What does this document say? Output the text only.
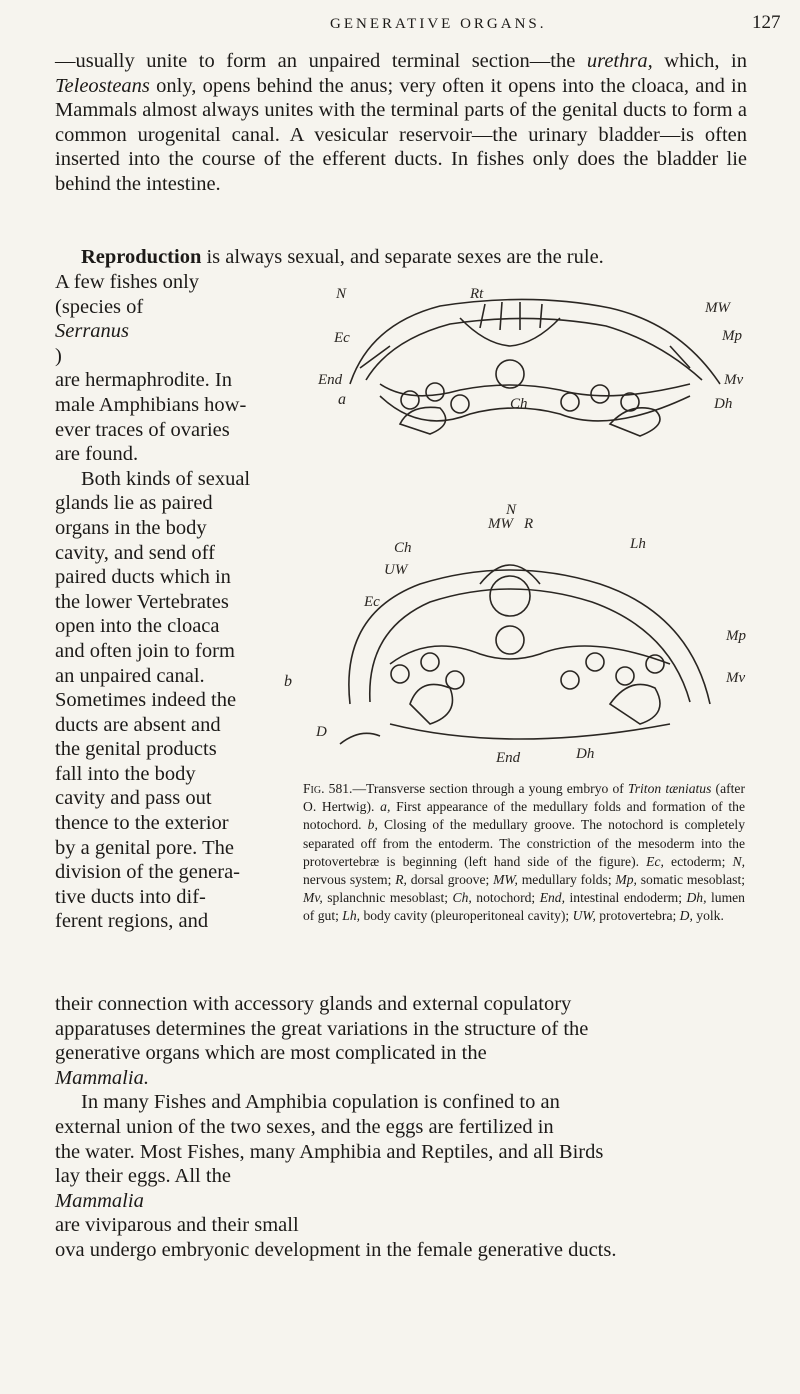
GENERATIVE ORGANS.	127

—usually unite to form an unpaired terminal section—the urethra, which, in Teleosteans only, opens behind the anus; very often it opens into the cloaca, and in Mammals almost always unites with the terminal parts of the genital ducts to form a common urogenital canal. A vesicular reservoir—the urinary bladder—is often inserted into the course of the efferent ducts. In fishes only does the bladder lie behind the intestine.

Reproduction is always sexual, and separate sexes are the rule.
A few fishes only
(species of
Serranus
)
are hermaphrodite. In
male Amphibians how-
ever traces of ovaries
are found.
Both kinds of sexual
glands lie as paired
organs in the body
cavity, and send off
paired ducts which in
the lower Vertebrates
open into the cloaca
and often join to form
an unpaired canal.
Sometimes indeed the
ducts are absent and
the genital products
fall into the body
cavity and pass out
thence to the exterior
by a genital pore. The
division of the genera-
tive ducts into dif-
ferent regions, and
a
N	Rt
MW
Ec	Mp
Mv
End
Ch	Dh
b
N
R
MW
Ch	Lh
UW
Ec
Mp
Mv
D
End	Dh
Fig. 581.—Transverse section through a young embryo of Triton tæniatus (after O. Hertwig). a, First appearance of the medullary folds and formation of the notochord. b, Closing of the medullary groove. The notochord is completely separated off from the entoderm. The constriction of the mesoderm into the protovertebræ is beginning (left hand side of the figure). Ec, ectoderm; N, nervous system; R, dorsal groove; MW, medullary folds; Mp, somatic mesoblast; Mv, splanchnic mesoblast; Ch, notochord; End, intestinal endoderm; Dh, lumen of gut; Lh, body cavity (pleuroperitoneal cavity); UW, protovertebra; D, yolk.
their connection with accessory glands and external copulatory
apparatuses determines the great variations in the structure of the
generative organs which are most complicated in the
Mammalia.
In many Fishes and Amphibia copulation is confined to an
external union of the two sexes, and the eggs are fertilized in
the water. Most Fishes, many Amphibia and Reptiles, and all Birds
lay their eggs. All the
Mammalia
are viviparous and their small
ova undergo embryonic development in the female generative ducts.
